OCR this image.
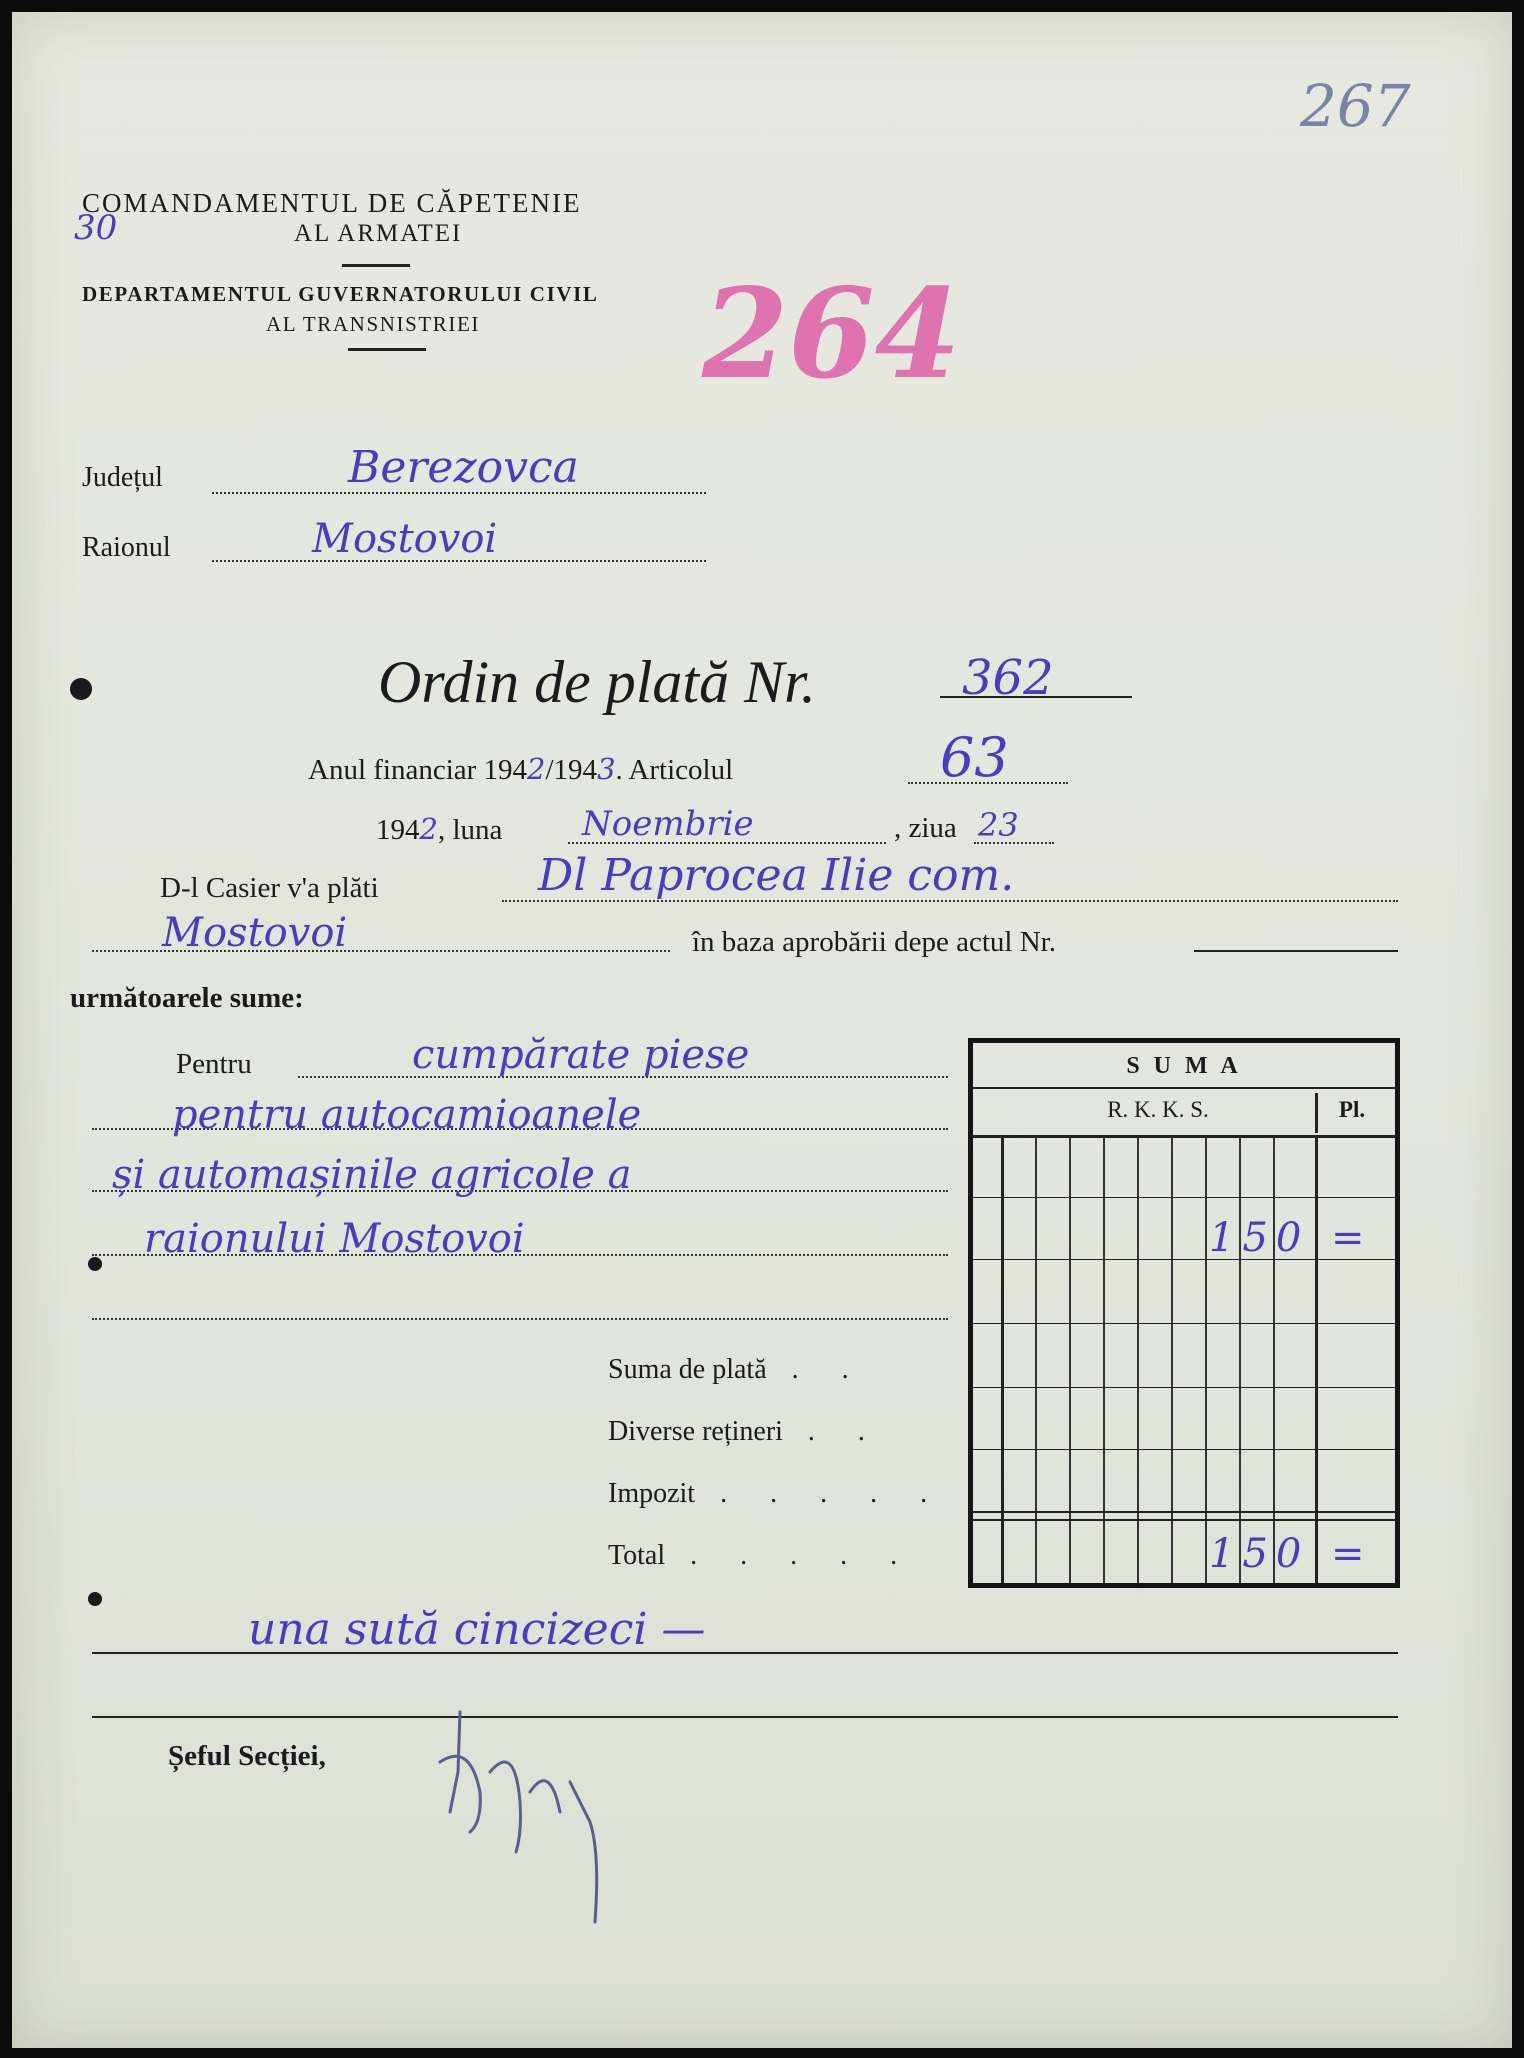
267
COMANDAMENTUL DE CĂPETENIE
AL ARMATEI
30
DEPARTAMENTUL GUVERNATORULUI CIVIL
AL TRANSNISTRIEI 264
Județul	Berezovca
Raionul	Mostovoi
Ordin de plată Nr.	362
Anul financiar 1942/1943. Articolul	63
1942, luna Noembrie	, ziua 23
D-l Casier v'a plăti	Dl Paprocea Ilie com.
Mostovoi	în baza aprobării depe actul Nr.
următoarele sume:
Pentru	cumpărate piese
pentru autocamioanele
și automașinile agricole a
raionului Mostovoi
S U M A
R. K. K. S.	Pl.
150 =
150 =
Suma de plată . .
Diverse rețineri . .
Impozit . . . . .
Total . . . . .
una sută cincizeci —
Șeful Secției,
